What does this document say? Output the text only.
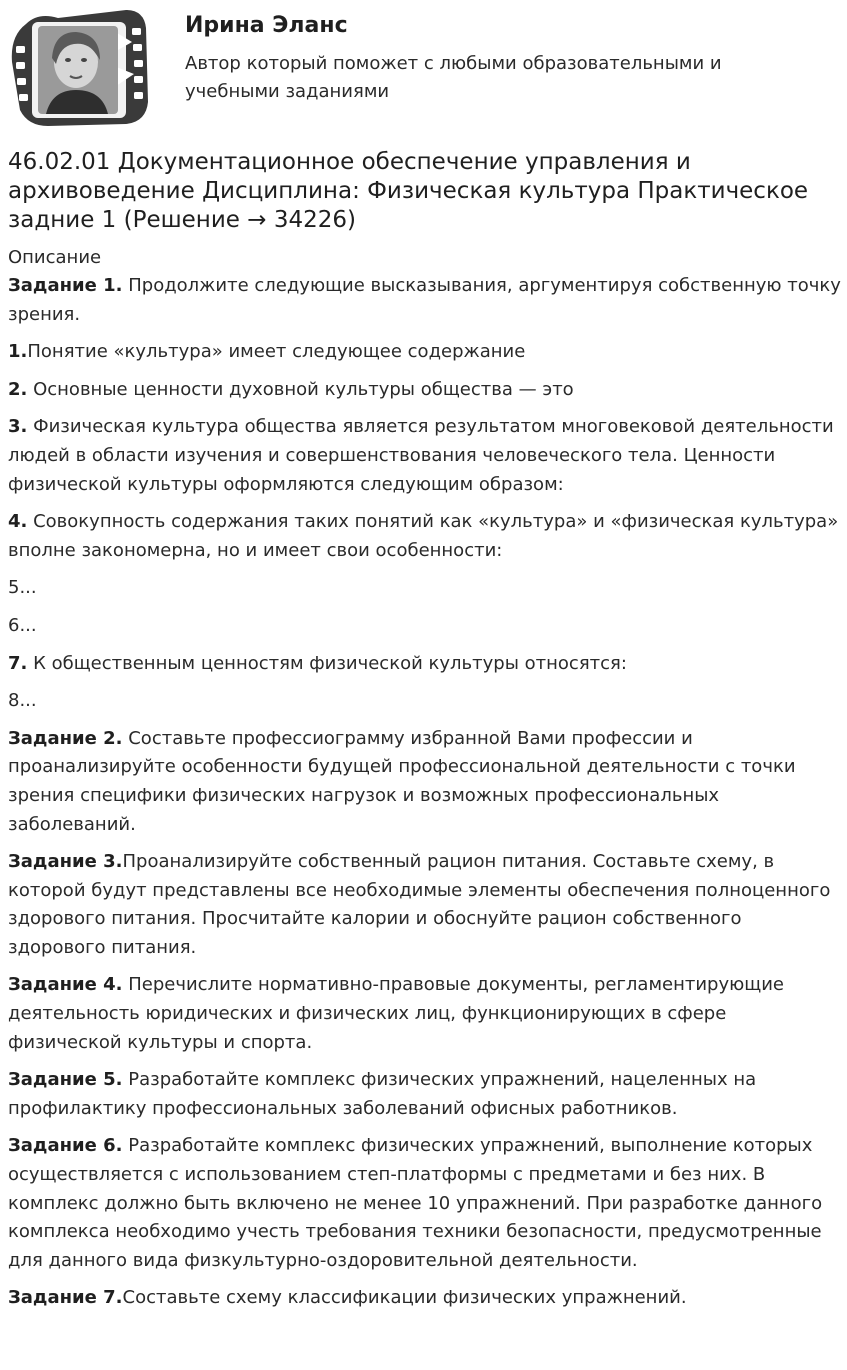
Ирина Эланс
Автор который поможет с любыми образовательными и учебными заданиями
46.02.01 Документационное обеспечение управления и архивоведение Дисциплина: Физическая культура Практическое задние 1 (Решение → 34226)
Описание

Задание 1. Продолжите следующие высказывания, аргументируя собственную точку зрения.

1.Понятие «культура» имеет следующее содержание

2. Основные ценности духовной культуры общества — это

3. Физическая культура общества является результатом многовековой деятельности людей в области изучения и совершенствования человеческого тела. Ценности физической культуры оформляются следующим образом:

4. Совокупность содержания таких понятий как «культура» и «физическая культура» вполне закономерна, но и имеет свои особенности:

5...

6...

7. К общественным ценностям физической культуры относятся:

8...

Задание 2. Составьте профессиограмму избранной Вами профессии и проанализируйте особенности будущей профессиональной деятельности с точки зрения специфики физических нагрузок и возможных профессиональных заболеваний.

Задание 3.Проанализируйте собственный рацион питания. Составьте схему, в которой будут представлены все необходимые элементы обеспечения полноценного здорового питания. Просчитайте калории и обоснуйте рацион собственного здорового питания.

Задание 4. Перечислите нормативно-правовые документы, регламентирующие деятельность юридических и физических лиц, функционирующих в сфере физической культуры и спорта.

Задание 5. Разработайте комплекс физических упражнений, нацеленных на профилактику профессиональных заболеваний офисных работников.

Задание 6. Разработайте комплекс физических упражнений, выполнение которых осуществляется с использованием степ-платформы с предметами и без них. В комплекс должно быть включено не менее 10 упражнений. При разработке данного комплекса необходимо учесть требования техники безопасности, предусмотренные для данного вида физкультурно-оздоровительной деятельности.

Задание 7.Составьте схему классификации физических упражнений.
